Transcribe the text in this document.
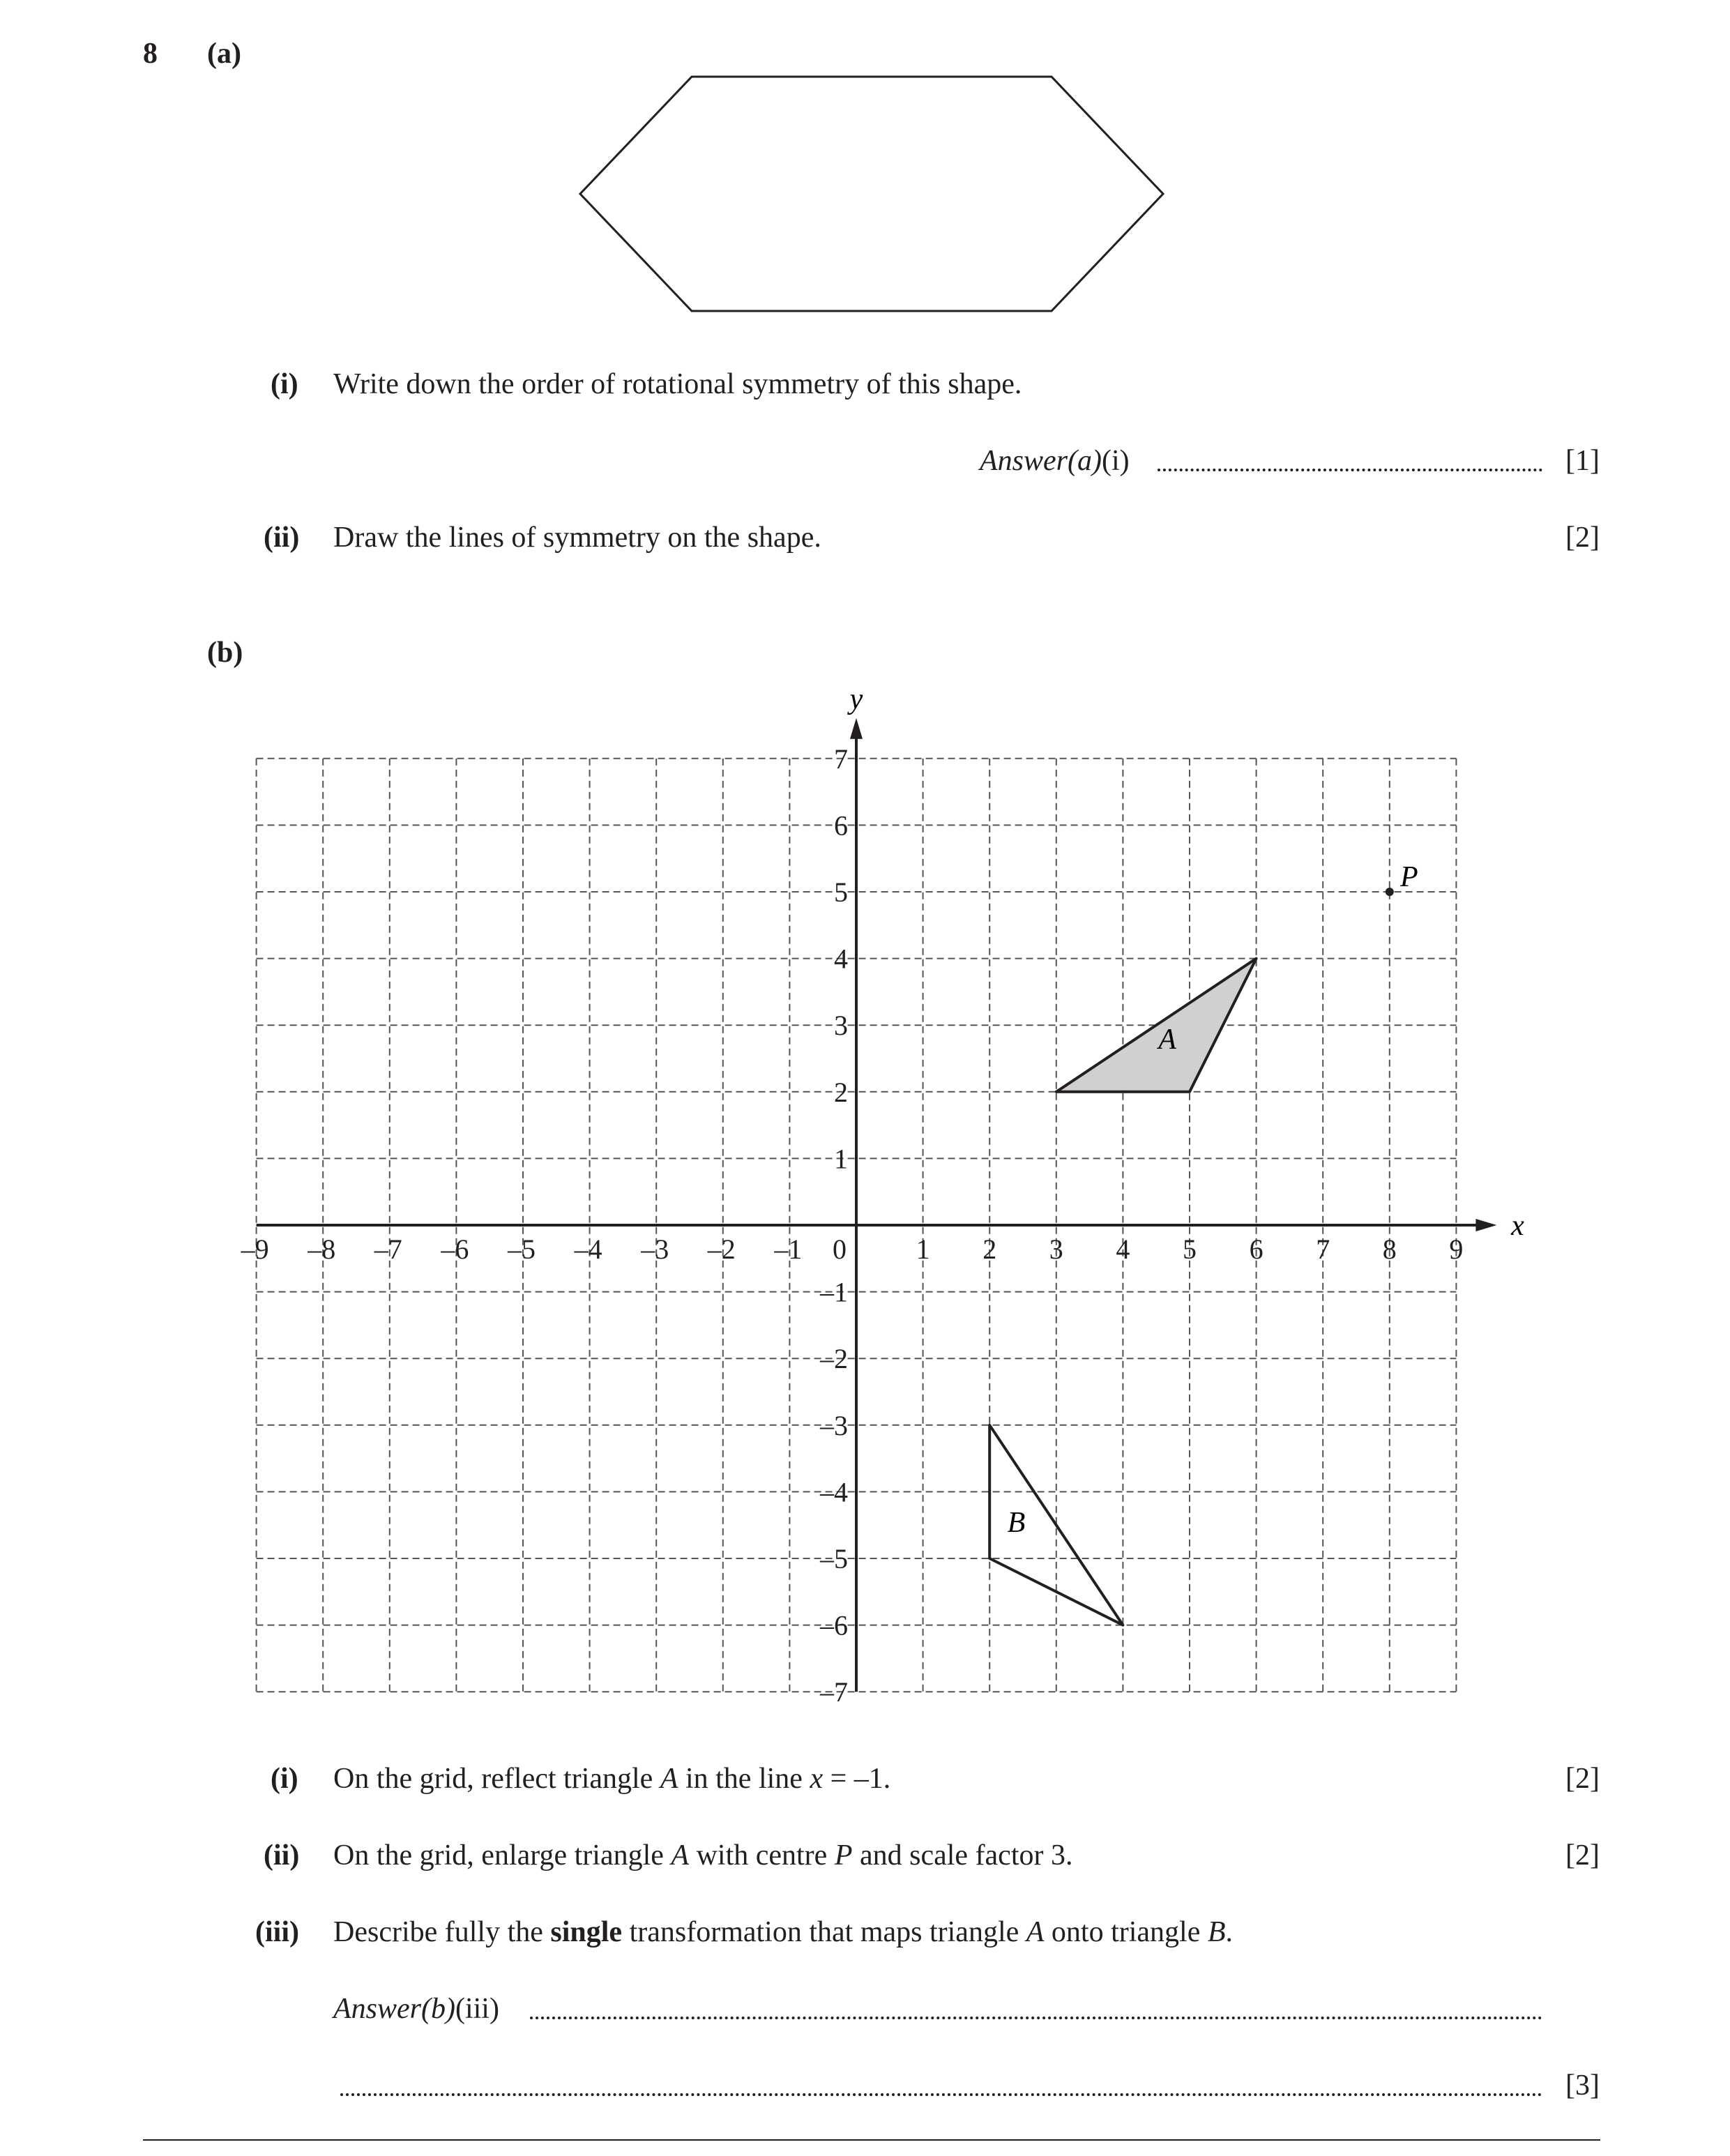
8 (a)
(i) Write down the order of rotational symmetry of this shape.
Answer(a)(i)	[1]
(ii) Draw the lines of symmetry on the shape.	[2]
(b)
x
y
–9 –8 –7 –6 –5 –4 –3 –2 –1 0 1 2 3 4 5 6 7 8 9
7
6
5
4
3
2
1
–1
–2
–3
–4
–5
–6
–7
A
B
P
(i) On the grid, reflect triangle A in the line x = –1.	[2]
(ii) On the grid, enlarge triangle A with centre P and scale factor 3.	[2]
(iii) Describe fully the single transformation that maps triangle A onto triangle B.
Answer(b)(iii)
[3]
